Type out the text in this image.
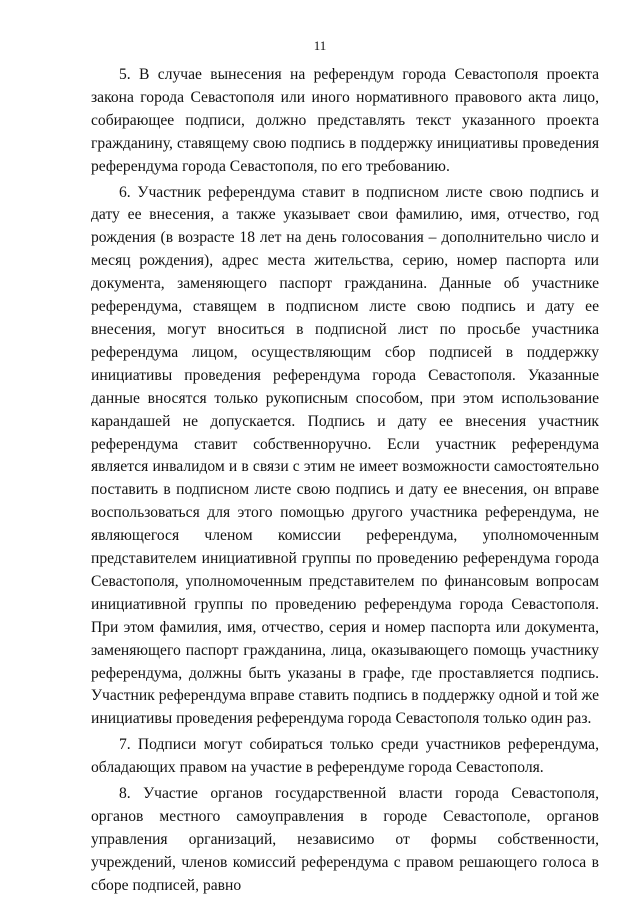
11

5. В случае вынесения на референдум города Севастополя проекта закона города Севастополя или иного нормативного правового акта лицо, собирающее подписи, должно представлять текст указанного проекта гражданину, ставящему свою подпись в поддержку инициативы проведения референдума города Севастополя, по его требованию.

6. Участник референдума ставит в подписном листе свою подпись и дату ее внесения, а также указывает свои фамилию, имя, отчество, год рождения (в возрасте 18 лет на день голосования – дополнительно число и месяц рождения), адрес места жительства, серию, номер паспорта или документа, заменяющего паспорт гражданина. Данные об участнике референдума, ставящем в подписном листе свою подпись и дату ее внесения, могут вноситься в подписной лист по просьбе участника референдума лицом, осуществляющим сбор подписей в поддержку инициативы проведения референдума города Севастополя. Указанные данные вносятся только рукописным способом, при этом использование карандашей не допускается. Подпись и дату ее внесения участник референдума ставит собственноручно. Если участник референдума является инвалидом и в связи с этим не имеет возможности самостоятельно поставить в подписном листе свою подпись и дату ее внесения, он вправе воспользоваться для этого помощью другого участника референдума, не являющегося членом комиссии референдума, уполномоченным представителем инициативной группы по проведению референдума города Севастополя, уполномоченным представителем по финансовым вопросам инициативной группы по проведению референдума города Севастополя. При этом фамилия, имя, отчество, серия и номер паспорта или документа, заменяющего паспорт гражданина, лица, оказывающего помощь участнику референдума, должны быть указаны в графе, где проставляется подпись. Участник референдума вправе ставить подпись в поддержку одной и той же инициативы проведения референдума города Севастополя только один раз.

7. Подписи могут собираться только среди участников референдума, обладающих правом на участие в референдуме города Севастополя.

8. Участие органов государственной власти города Севастополя, органов местного самоуправления в городе Севастополе, органов управления организаций, независимо от формы собственности, учреждений, членов комиссий референдума с правом решающего голоса в сборе подписей, равно
